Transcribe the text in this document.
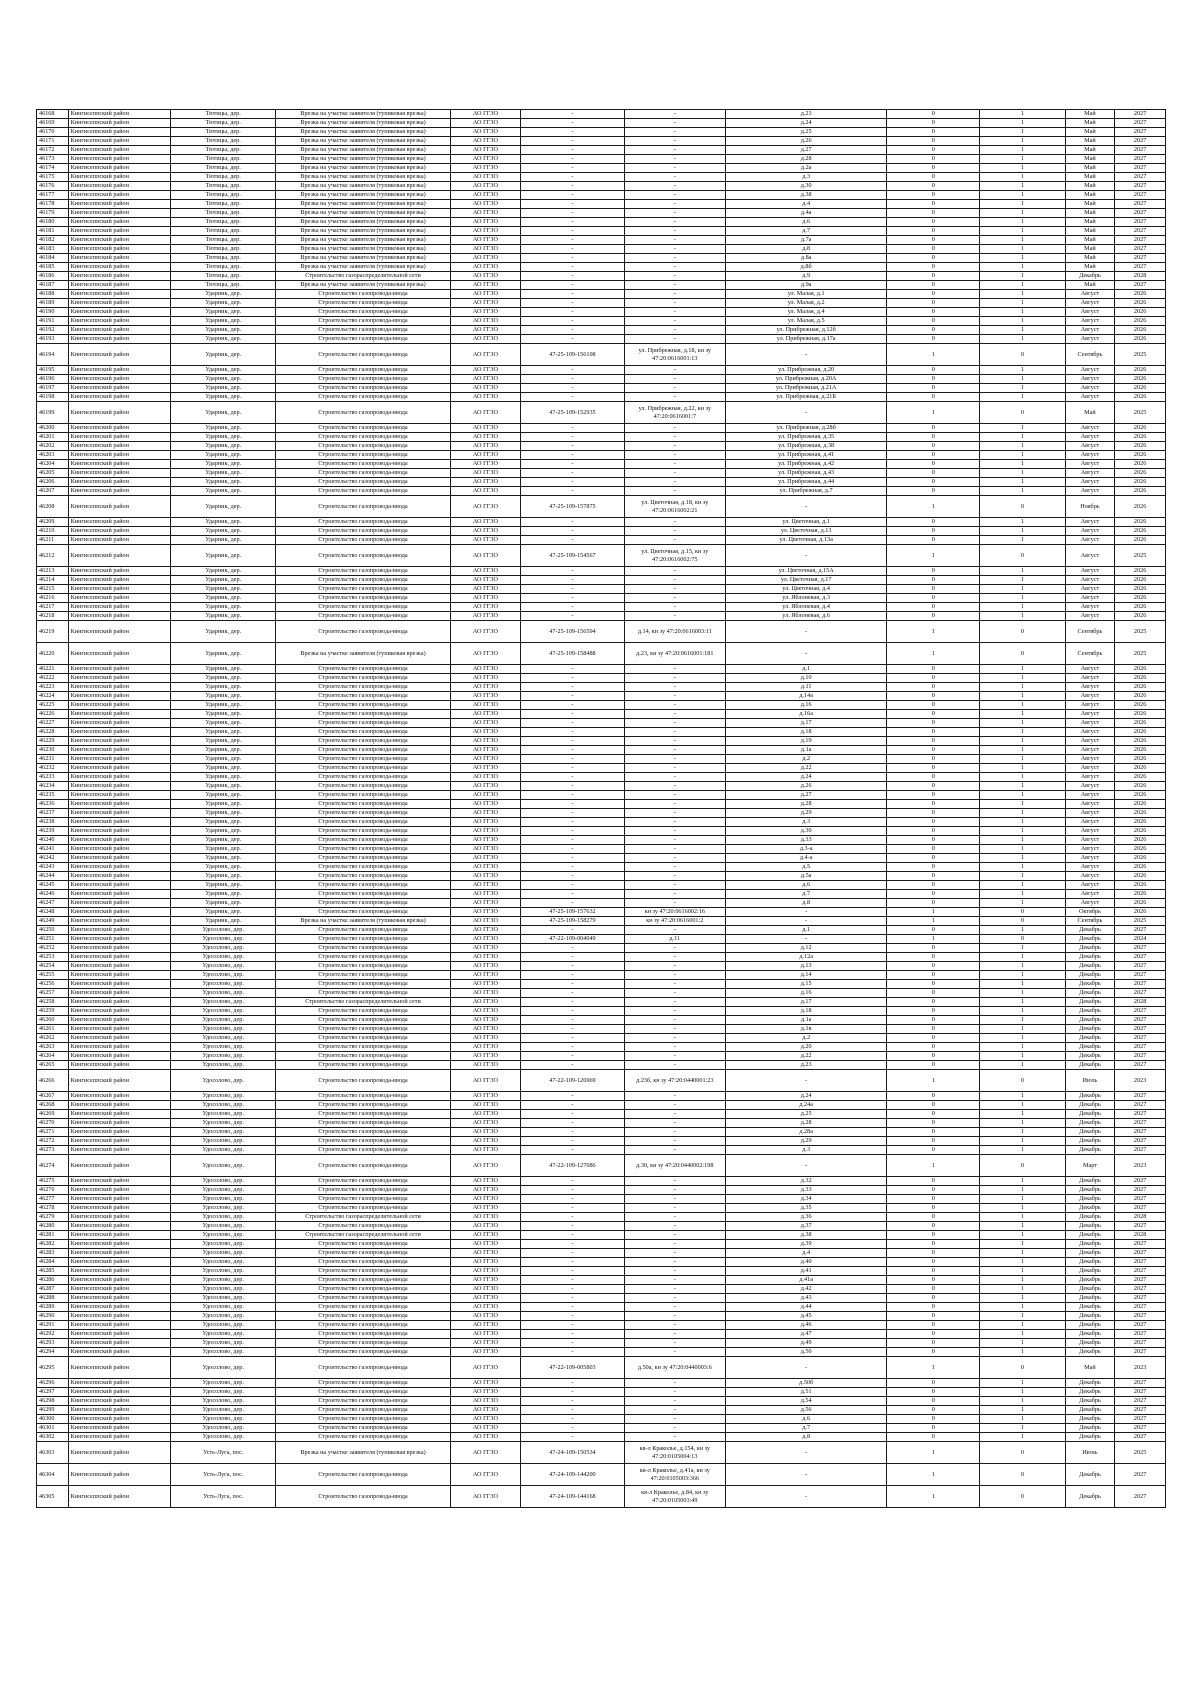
46168	Кингисеппский район	Тютицы, дер.	Врезка на участке заявителя (тупиковая врезка)	АО ГГЗО	-	-	д.23	0	1	Май	2027
46169	Кингисеппский район	Тютицы, дер.	Врезка на участке заявителя (тупиковая врезка)	АО ГГЗО	-	-	д.24	0	1	Май	2027
46170	Кингисеппский район	Тютицы, дер.	Врезка на участке заявителя (тупиковая врезка)	АО ГГЗО	-	-	д.25	0	1	Май	2027
46171	Кингисеппский район	Тютицы, дер.	Врезка на участке заявителя (тупиковая врезка)	АО ГГЗО	-	-	д.26	0	1	Май	2027
46172	Кингисеппский район	Тютицы, дер.	Врезка на участке заявителя (тупиковая врезка)	АО ГГЗО	-	-	д.27	0	1	Май	2027
46173	Кингисеппский район	Тютицы, дер.	Врезка на участке заявителя (тупиковая врезка)	АО ГГЗО	-	-	д.28	0	1	Май	2027
46174	Кингисеппский район	Тютицы, дер.	Врезка на участке заявителя (тупиковая врезка)	АО ГГЗО	-	-	д.2а	0	1	Май	2027
46175	Кингисеппский район	Тютицы, дер.	Врезка на участке заявителя (тупиковая врезка)	АО ГГЗО	-	-	д.3	0	1	Май	2027
46176	Кингисеппский район	Тютицы, дер.	Врезка на участке заявителя (тупиковая врезка)	АО ГГЗО	-	-	д.30	0	1	Май	2027
46177	Кингисеппский район	Тютицы, дер.	Врезка на участке заявителя (тупиковая врезка)	АО ГГЗО	-	-	д.38	0	1	Май	2027
46178	Кингисеппский район	Тютицы, дер.	Врезка на участке заявителя (тупиковая врезка)	АО ГГЗО	-	-	д.4	0	1	Май	2027
46179	Кингисеппский район	Тютицы, дер.	Врезка на участке заявителя (тупиковая врезка)	АО ГГЗО	-	-	д.4а	0	1	Май	2027
46180	Кингисеппский район	Тютицы, дер.	Врезка на участке заявителя (тупиковая врезка)	АО ГГЗО	-	-	д.6	0	1	Май	2027
46181	Кингисеппский район	Тютицы, дер.	Врезка на участке заявителя (тупиковая врезка)	АО ГГЗО	-	-	д.7	0	1	Май	2027
46182	Кингисеппский район	Тютицы, дер.	Врезка на участке заявителя (тупиковая врезка)	АО ГГЗО	-	-	д.7а	0	1	Май	2027
46183	Кингисеппский район	Тютицы, дер.	Врезка на участке заявителя (тупиковая врезка)	АО ГГЗО	-	-	д.8	0	1	Май	2027
46184	Кингисеппский район	Тютицы, дер.	Врезка на участке заявителя (тупиковая врезка)	АО ГГЗО	-	-	д.8а	0	1	Май	2027
46185	Кингисеппский район	Тютицы, дер.	Врезка на участке заявителя (тупиковая врезка)	АО ГГЗО	-	-	д.8б	0	1	Май	2027
46186	Кингисеппский район	Тютицы, дер.	Строительство газораспределительной сети	АО ГГЗО	-	-	д.9	0	1	Декабрь	2028
46187	Кингисеппский район	Тютицы, дер.	Врезка на участке заявителя (тупиковая врезка)	АО ГГЗО	-	-	д.9а	0	1	Май	2027
46188	Кингисеппский район	Ударник, дер.	Строительство газопровода-ввода	АО ГГЗО	-	-	ул. Малая, д.1	0	1	Август	2026
46189	Кингисеппский район	Ударник, дер.	Строительство газопровода-ввода	АО ГГЗО	-	-	ул. Малая, д.2	0	1	Август	2026
46190	Кингисеппский район	Ударник, дер.	Строительство газопровода-ввода	АО ГГЗО	-	-	ул. Малая, д.4	0	1	Август	2026
46191	Кингисеппский район	Ударник, дер.	Строительство газопровода-ввода	АО ГГЗО	-	-	ул. Малая, д.5	0	1	Август	2026
46192	Кингисеппский район	Ударник, дер.	Строительство газопровода-ввода	АО ГГЗО	-	-	ул. Прибрежная, д.12б	0	1	Август	2026
46193	Кингисеппский район	Ударник, дер.	Строительство газопровода-ввода	АО ГГЗО	-	-	ул. Прибрежная, д.17а	0	1	Август	2026
46194	Кингисеппский район	Ударник, дер.	Строительство газопровода-ввода	АО ГГЗО	47-25-109-156108	ул. Прибрежная, д.18, кн зу 47:20:0616001:13	-	1	0	Сентябрь	2025
46195	Кингисеппский район	Ударник, дер.	Строительство газопровода-ввода	АО ГГЗО	-	-	ул. Прибрежная, д.20	0	1	Август	2026
46196	Кингисеппский район	Ударник, дер.	Строительство газопровода-ввода	АО ГГЗО	-	-	ул. Прибрежная, д.20А	0	1	Август	2026
46197	Кингисеппский район	Ударник, дер.	Строительство газопровода-ввода	АО ГГЗО	-	-	ул. Прибрежная, д.21А	0	1	Август	2026
46198	Кингисеппский район	Ударник, дер.	Строительство газопровода-ввода	АО ГГЗО	-	-	ул. Прибрежная, д.21Б	0	1	Август	2026
46199	Кингисеппский район	Ударник, дер.	Строительство газопровода-ввода	АО ГГЗО	47-25-109-152935	ул. Прибрежная, д.22, кн зу 47:20:0616001:7	-	1	0	Май	2025
46200	Кингисеппский район	Ударник, дер.	Строительство газопровода-ввода	АО ГГЗО	-	-	ул. Прибрежная, д.28б	0	1	Август	2026
46201	Кингисеппский район	Ударник, дер.	Строительство газопровода-ввода	АО ГГЗО	-	-	ул. Прибрежная, д.35	0	1	Август	2026
46202	Кингисеппский район	Ударник, дер.	Строительство газопровода-ввода	АО ГГЗО	-	-	ул. Прибрежная, д.38	0	1	Август	2026
46203	Кингисеппский район	Ударник, дер.	Строительство газопровода-ввода	АО ГГЗО	-	-	ул. Прибрежная, д.41	0	1	Август	2026
46204	Кингисеппский район	Ударник, дер.	Строительство газопровода-ввода	АО ГГЗО	-	-	ул. Прибрежная, д.42	0	1	Август	2026
46205	Кингисеппский район	Ударник, дер.	Строительство газопровода-ввода	АО ГГЗО	-	-	ул. Прибрежная, д.43	0	1	Август	2026
46206	Кингисеппский район	Ударник, дер.	Строительство газопровода-ввода	АО ГГЗО	-	-	ул. Прибрежная, д.44	0	1	Август	2026
46207	Кингисеппский район	Ударник, дер.	Строительство газопровода-ввода	АО ГГЗО	-	-	ул. Прибрежная, д.7	0	1	Август	2026
46208	Кингисеппский район	Ударник, дер.	Строительство газопровода-ввода	АО ГГЗО	47-25-109-157875	ул. Цветочная, д.18, кн зу 47:20:0616002:21	-	1	0	Ноябрь	2026
46209	Кингисеппский район	Ударник, дер.	Строительство газопровода-ввода	АО ГГЗО	-	-	ул. Цветочная, д.1	0	1	Август	2026
46210	Кингисеппский район	Ударник, дер.	Строительство газопровода-ввода	АО ГГЗО	-	-	ул. Цветочная, д.13	0	1	Август	2026
46211	Кингисеппский район	Ударник, дер.	Строительство газопровода-ввода	АО ГГЗО	-	-	ул. Цветочная, д.13а	0	1	Август	2026
46212	Кингисеппский район	Ударник, дер.	Строительство газопровода-ввода	АО ГГЗО	47-25-109-154567	ул. Цветочная, д.15, кн зу 47:20:0616002:75	-	1	0	Август	2025
46213	Кингисеппский район	Ударник, дер.	Строительство газопровода-ввода	АО ГГЗО	-	-	ул. Цветочная, д.15А	0	1	Август	2026
46214	Кингисеппский район	Ударник, дер.	Строительство газопровода-ввода	АО ГГЗО	-	-	ул. Цветочная, д.17	0	1	Август	2026
46215	Кингисеппский район	Ударник, дер.	Строительство газопровода-ввода	АО ГГЗО	-	-	ул. Цветочная, д.4	0	1	Август	2026
46216	Кингисеппский район	Ударник, дер.	Строительство газопровода-ввода	АО ГГЗО	-	-	ул. Яблоневая, д.3	0	1	Август	2026
46217	Кингисеппский район	Ударник, дер.	Строительство газопровода-ввода	АО ГГЗО	-	-	ул. Яблоневая, д.4	0	1	Август	2026
46218	Кингисеппский район	Ударник, дер.	Строительство газопровода-ввода	АО ГГЗО	-	-	ул. Яблоневая, д.6	0	1	Август	2026
46219	Кингисеппский район	Ударник, дер.	Строительство газопровода-ввода	АО ГГЗО	47-25-109-156594	д.14, кн зу 47:20:0616003:11	-	1	0	Сентябрь	2025
46220	Кингисеппский район	Ударник, дер.	Врезка на участке заявителя (тупиковая врезка)	АО ГГЗО	47-25-109-158488	д.23, кн зу 47:20:0616001:181	-	1	0	Сентябрь	2025
46221	Кингисеппский район	Ударник, дер.	Строительство газопровода-ввода	АО ГГЗО	-	-	д.1	0	1	Август	2026
46222	Кингисеппский район	Ударник, дер.	Строительство газопровода-ввода	АО ГГЗО	-	-	д.10	0	1	Август	2026
46223	Кингисеппский район	Ударник, дер.	Строительство газопровода-ввода	АО ГГЗО	-	-	д.11	0	1	Август	2026
46224	Кингисеппский район	Ударник, дер.	Строительство газопровода-ввода	АО ГГЗО	-	-	д.14а	0	1	Август	2026
46225	Кингисеппский район	Ударник, дер.	Строительство газопровода-ввода	АО ГГЗО	-	-	д.16	0	1	Август	2026
46226	Кингисеппский район	Ударник, дер.	Строительство газопровода-ввода	АО ГГЗО	-	-	д.16а	0	1	Август	2026
46227	Кингисеппский район	Ударник, дер.	Строительство газопровода-ввода	АО ГГЗО	-	-	д.17	0	1	Август	2026
46228	Кингисеппский район	Ударник, дер.	Строительство газопровода-ввода	АО ГГЗО	-	-	д.18	0	1	Август	2026
46229	Кингисеппский район	Ударник, дер.	Строительство газопровода-ввода	АО ГГЗО	-	-	д.19	0	1	Август	2026
46230	Кингисеппский район	Ударник, дер.	Строительство газопровода-ввода	АО ГГЗО	-	-	д.1а	0	1	Август	2026
46231	Кингисеппский район	Ударник, дер.	Строительство газопровода-ввода	АО ГГЗО	-	-	д.2	0	1	Август	2026
46232	Кингисеппский район	Ударник, дер.	Строительство газопровода-ввода	АО ГГЗО	-	-	д.22	0	1	Август	2026
46233	Кингисеппский район	Ударник, дер.	Строительство газопровода-ввода	АО ГГЗО	-	-	д.24	0	1	Август	2026
46234	Кингисеппский район	Ударник, дер.	Строительство газопровода-ввода	АО ГГЗО	-	-	д.26	0	1	Август	2026
46235	Кингисеппский район	Ударник, дер.	Строительство газопровода-ввода	АО ГГЗО	-	-	д.27	0	1	Август	2026
46236	Кингисеппский район	Ударник, дер.	Строительство газопровода-ввода	АО ГГЗО	-	-	д.28	0	1	Август	2026
46237	Кингисеппский район	Ударник, дер.	Строительство газопровода-ввода	АО ГГЗО	-	-	д.29	0	1	Август	2026
46238	Кингисеппский район	Ударник, дер.	Строительство газопровода-ввода	АО ГГЗО	-	-	д.3	0	1	Август	2026
46239	Кингисеппский район	Ударник, дер.	Строительство газопровода-ввода	АО ГГЗО	-	-	д.30	0	1	Август	2026
46240	Кингисеппский район	Ударник, дер.	Строительство газопровода-ввода	АО ГГЗО	-	-	д.33	0	1	Август	2026
46241	Кингисеппский район	Ударник, дер.	Строительство газопровода-ввода	АО ГГЗО	-	-	д.3-а	0	1	Август	2026
46242	Кингисеппский район	Ударник, дер.	Строительство газопровода-ввода	АО ГГЗО	-	-	д.4-а	0	1	Август	2026
46243	Кингисеппский район	Ударник, дер.	Строительство газопровода-ввода	АО ГГЗО	-	-	д.5	0	1	Август	2026
46244	Кингисеппский район	Ударник, дер.	Строительство газопровода-ввода	АО ГГЗО	-	-	д.5а	0	1	Август	2026
46245	Кингисеппский район	Ударник, дер.	Строительство газопровода-ввода	АО ГГЗО	-	-	д.6	0	1	Август	2026
46246	Кингисеппский район	Ударник, дер.	Строительство газопровода-ввода	АО ГГЗО	-	-	д.7	0	1	Август	2026
46247	Кингисеппский район	Ударник, дер.	Строительство газопровода-ввода	АО ГГЗО	-	-	д.8	0	1	Август	2026
46248	Кингисеппский район	Ударник, дер.	Строительство газопровода-ввода	АО ГГЗО	47-25-109-157632	кн зу 47:20:0616002:16	-	1	0	Октябрь	2026
46249	Кингисеппский район	Ударник, дер.	Врезка на участке заявителя (тупиковая врезка)	АО ГГЗО	47-25-109-158279	кн зу 47:20:0616001:2	-	1	0	Сентябрь	2025
46250	Кингисеппский район	Удосолово, дер.	Строительство газопровода-ввода	АО ГГЗО	-	-	д.1	0	1	Декабрь	2027
46251	Кингисеппский район	Удосолово, дер.	Строительство газопровода-ввода	АО ГГЗО	47-22-109-004049	д.11	-	1	0	Декабрь	2024
46252	Кингисеппский район	Удосолово, дер.	Строительство газопровода-ввода	АО ГГЗО	-	-	д.12	0	1	Декабрь	2027
46253	Кингисеппский район	Удосолово, дер.	Строительство газопровода-ввода	АО ГГЗО	-	-	д.12а	0	1	Декабрь	2027
46254	Кингисеппский район	Удосолово, дер.	Строительство газопровода-ввода	АО ГГЗО	-	-	д.13	0	1	Декабрь	2027
46255	Кингисеппский район	Удосолово, дер.	Строительство газопровода-ввода	АО ГГЗО	-	-	д.14	0	1	Декабрь	2027
46256	Кингисеппский район	Удосолово, дер.	Строительство газопровода-ввода	АО ГГЗО	-	-	д.15	0	1	Декабрь	2027
46257	Кингисеппский район	Удосолово, дер.	Строительство газопровода-ввода	АО ГГЗО	-	-	д.16	0	1	Декабрь	2027
46258	Кингисеппский район	Удосолово, дер.	Строительство газораспределительной сети	АО ГГЗО	-	-	д.17	0	1	Декабрь	2028
46259	Кингисеппский район	Удосолово, дер.	Строительство газопровода-ввода	АО ГГЗО	-	-	д.18	0	1	Декабрь	2027
46260	Кингисеппский район	Удосолово, дер.	Строительство газопровода-ввода	АО ГГЗО	-	-	д.1а	0	1	Декабрь	2027
46261	Кингисеппский район	Удосолово, дер.	Строительство газопровода-ввода	АО ГГЗО	-	-	д.1в	0	1	Декабрь	2027
46262	Кингисеппский район	Удосолово, дер.	Строительство газопровода-ввода	АО ГГЗО	-	-	д.2	0	1	Декабрь	2027
46263	Кингисеппский район	Удосолово, дер.	Строительство газопровода-ввода	АО ГГЗО	-	-	д.20	0	1	Декабрь	2027
46264	Кингисеппский район	Удосолово, дер.	Строительство газопровода-ввода	АО ГГЗО	-	-	д.22	0	1	Декабрь	2027
46265	Кингисеппский район	Удосолово, дер.	Строительство газопровода-ввода	АО ГГЗО	-	-	д.23	0	1	Декабрь	2027
46266	Кингисеппский район	Удосолово, дер.	Строительство газопровода-ввода	АО ГГЗО	47-22-109-126969	д.23б, кн зу 47:20:0440001:23	-	1	0	Июль	2023
46267	Кингисеппский район	Удосолово, дер.	Строительство газопровода-ввода	АО ГГЗО	-	-	д.24	0	1	Декабрь	2027
46268	Кингисеппский район	Удосолово, дер.	Строительство газопровода-ввода	АО ГГЗО	-	-	д.24а	0	1	Декабрь	2027
46269	Кингисеппский район	Удосолово, дер.	Строительство газопровода-ввода	АО ГГЗО	-	-	д.25	0	1	Декабрь	2027
46270	Кингисеппский район	Удосолово, дер.	Строительство газопровода-ввода	АО ГГЗО	-	-	д.28	0	1	Декабрь	2027
46271	Кингисеппский район	Удосолово, дер.	Строительство газопровода-ввода	АО ГГЗО	-	-	д.28а	0	1	Декабрь	2027
46272	Кингисеппский район	Удосолово, дер.	Строительство газопровода-ввода	АО ГГЗО	-	-	д.29	0	1	Декабрь	2027
46273	Кингисеппский район	Удосолово, дер.	Строительство газопровода-ввода	АО ГГЗО	-	-	д.3	0	1	Декабрь	2027
46274	Кингисеппский район	Удосолово, дер.	Строительство газопровода-ввода	АО ГГЗО	47-22-109-127086	д.30, кн зу 47:20:0440002:198	-	1	0	Март	2023
46275	Кингисеппский район	Удосолово, дер.	Строительство газопровода-ввода	АО ГГЗО	-	-	д.32	0	1	Декабрь	2027
46276	Кингисеппский район	Удосолово, дер.	Строительство газопровода-ввода	АО ГГЗО	-	-	д.33	0	1	Декабрь	2027
46277	Кингисеппский район	Удосолово, дер.	Строительство газопровода-ввода	АО ГГЗО	-	-	д.34	0	1	Декабрь	2027
46278	Кингисеппский район	Удосолово, дер.	Строительство газопровода-ввода	АО ГГЗО	-	-	д.35	0	1	Декабрь	2027
46279	Кингисеппский район	Удосолово, дер.	Строительство газораспределительной сети	АО ГГЗО	-	-	д.36	0	1	Декабрь	2028
46280	Кингисеппский район	Удосолово, дер.	Строительство газопровода-ввода	АО ГГЗО	-	-	д.37	0	1	Декабрь	2027
46281	Кингисеппский район	Удосолово, дер.	Строительство газораспределительной сети	АО ГГЗО	-	-	д.38	0	1	Декабрь	2028
46282	Кингисеппский район	Удосолово, дер.	Строительство газопровода-ввода	АО ГГЗО	-	-	д.39	0	1	Декабрь	2027
46283	Кингисеппский район	Удосолово, дер.	Строительство газопровода-ввода	АО ГГЗО	-	-	д.4	0	1	Декабрь	2027
46284	Кингисеппский район	Удосолово, дер.	Строительство газопровода-ввода	АО ГГЗО	-	-	д.40	0	1	Декабрь	2027
46285	Кингисеппский район	Удосолово, дер.	Строительство газопровода-ввода	АО ГГЗО	-	-	д.41	0	1	Декабрь	2027
46286	Кингисеппский район	Удосолово, дер.	Строительство газопровода-ввода	АО ГГЗО	-	-	д.41а	0	1	Декабрь	2027
46287	Кингисеппский район	Удосолово, дер.	Строительство газопровода-ввода	АО ГГЗО	-	-	д.42	0	1	Декабрь	2027
46288	Кингисеппский район	Удосолово, дер.	Строительство газопровода-ввода	АО ГГЗО	-	-	д.43	0	1	Декабрь	2027
46289	Кингисеппский район	Удосолово, дер.	Строительство газопровода-ввода	АО ГГЗО	-	-	д.44	0	1	Декабрь	2027
46290	Кингисеппский район	Удосолово, дер.	Строительство газопровода-ввода	АО ГГЗО	-	-	д.45	0	1	Декабрь	2027
46291	Кингисеппский район	Удосолово, дер.	Строительство газопровода-ввода	АО ГГЗО	-	-	д.46	0	1	Декабрь	2027
46292	Кингисеппский район	Удосолово, дер.	Строительство газопровода-ввода	АО ГГЗО	-	-	д.47	0	1	Декабрь	2027
46293	Кингисеппский район	Удосолово, дер.	Строительство газопровода-ввода	АО ГГЗО	-	-	д.49	0	1	Декабрь	2027
46294	Кингисеппский район	Удосолово, дер.	Строительство газопровода-ввода	АО ГГЗО	-	-	д.50	0	1	Декабрь	2027
46295	Кингисеппский район	Удосолово, дер.	Строительство газопровода-ввода	АО ГГЗО	47-22-109-005803	д.50а, кн зу 47:20:0440003:6	-	1	0	Май	2023
46296	Кингисеппский район	Удосолово, дер.	Строительство газопровода-ввода	АО ГГЗО	-	-	д.50б	0	1	Декабрь	2027
46297	Кингисеппский район	Удосолово, дер.	Строительство газопровода-ввода	АО ГГЗО	-	-	д.51	0	1	Декабрь	2027
46298	Кингисеппский район	Удосолово, дер.	Строительство газопровода-ввода	АО ГГЗО	-	-	д.54	0	1	Декабрь	2027
46299	Кингисеппский район	Удосолово, дер.	Строительство газопровода-ввода	АО ГГЗО	-	-	д.56	0	1	Декабрь	2027
46300	Кингисеппский район	Удосолово, дер.	Строительство газопровода-ввода	АО ГГЗО	-	-	д.6	0	1	Декабрь	2027
46301	Кингисеппский район	Удосолово, дер.	Строительство газопровода-ввода	АО ГГЗО	-	-	д.7	0	1	Декабрь	2027
46302	Кингисеппский район	Удосолово, дер.	Строительство газопровода-ввода	АО ГГЗО	-	-	д.8	0	1	Декабрь	2027
46303	Кингисеппский район	Усть-Луга, пос.	Врезка на участке заявителя (тупиковая врезка)	АО ГГЗО	47-24-109-150534	кв-л Краколье, д.154, кн зу 47:20:0105004:13	-	1	0	Июнь	2025
46304	Кингисеппский район	Усть-Луга, пос.	Строительство газопровода-ввода	АО ГГЗО	47-24-109-144200	кв-л Краколье, д.41а, кн зу 47:20:0105003:366	-	1	0	Декабрь	2027
46305	Кингисеппский район	Усть-Луга, пос.	Строительство газопровода-ввода	АО ГГЗО	47-24-109-144168	кв-л Краколье, д.84, кн зу 47:20:0105003:49	-	1	0	Декабрь	2027
